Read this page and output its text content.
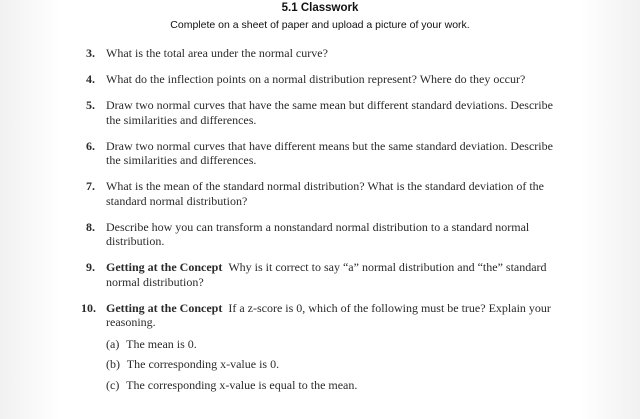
5.1 Classwork
Complete on a sheet of paper and upload a picture of your work.
3. What is the total area under the normal curve?
4. What do the inflection points on a normal distribution represent? Where do they occur?
5. Draw two normal curves that have the same mean but different standard deviations. Describe the similarities and differences.
6. Draw two normal curves that have different means but the same standard deviation. Describe the similarities and differences.
7. What is the mean of the standard normal distribution? What is the standard deviation of the standard normal distribution?
8. Describe how you can transform a nonstandard normal distribution to a standard normal distribution.
9. Getting at the Concept Why is it correct to say “a” normal distribution and “the” standard normal distribution?
10. Getting at the Concept If a z-score is 0, which of the following must be true? Explain your reasoning.
(a) The mean is 0.
(b) The corresponding x-value is 0.
(c) The corresponding x-value is equal to the mean.
